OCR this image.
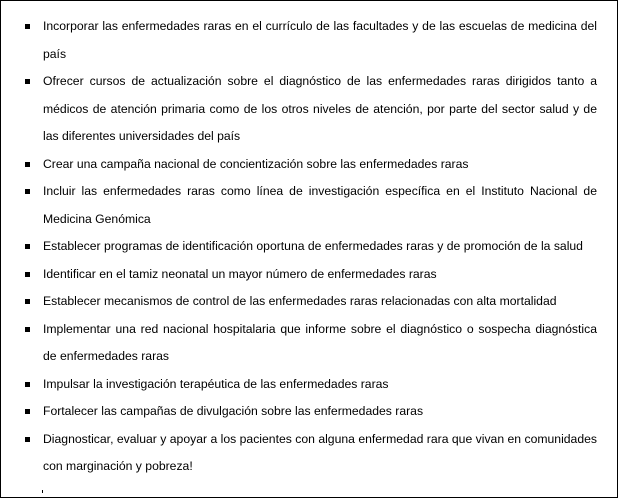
Incorporar las enfermedades raras en el currículo de las facultades y de las escuelas de medicina del país
Ofrecer cursos de actualización sobre el diagnóstico de las enfermedades raras dirigidos tanto a médicos de atención primaria como de los otros niveles de atención, por parte del sector salud y de las diferentes universidades del país
Crear una campaña nacional de concientización sobre las enfermedades raras
Incluir las enfermedades raras como línea de investigación específica en el Instituto Nacional de Medicina Genómica
Establecer programas de identificación oportuna de enfermedades raras y de promoción de la salud
Identificar en el tamiz neonatal un mayor número de enfermedades raras
Establecer mecanismos de control de las enfermedades raras relacionadas con alta mortalidad
Implementar una red nacional hospitalaria que informe sobre el diagnóstico o sospecha diagnóstica de enfermedades raras
Impulsar la investigación terapéutica de las enfermedades raras
Fortalecer las campañas de divulgación sobre las enfermedades raras
Diagnosticar, evaluar y apoyar a los pacientes con alguna enfermedad rara que vivan en comunidades con marginación y pobreza!
